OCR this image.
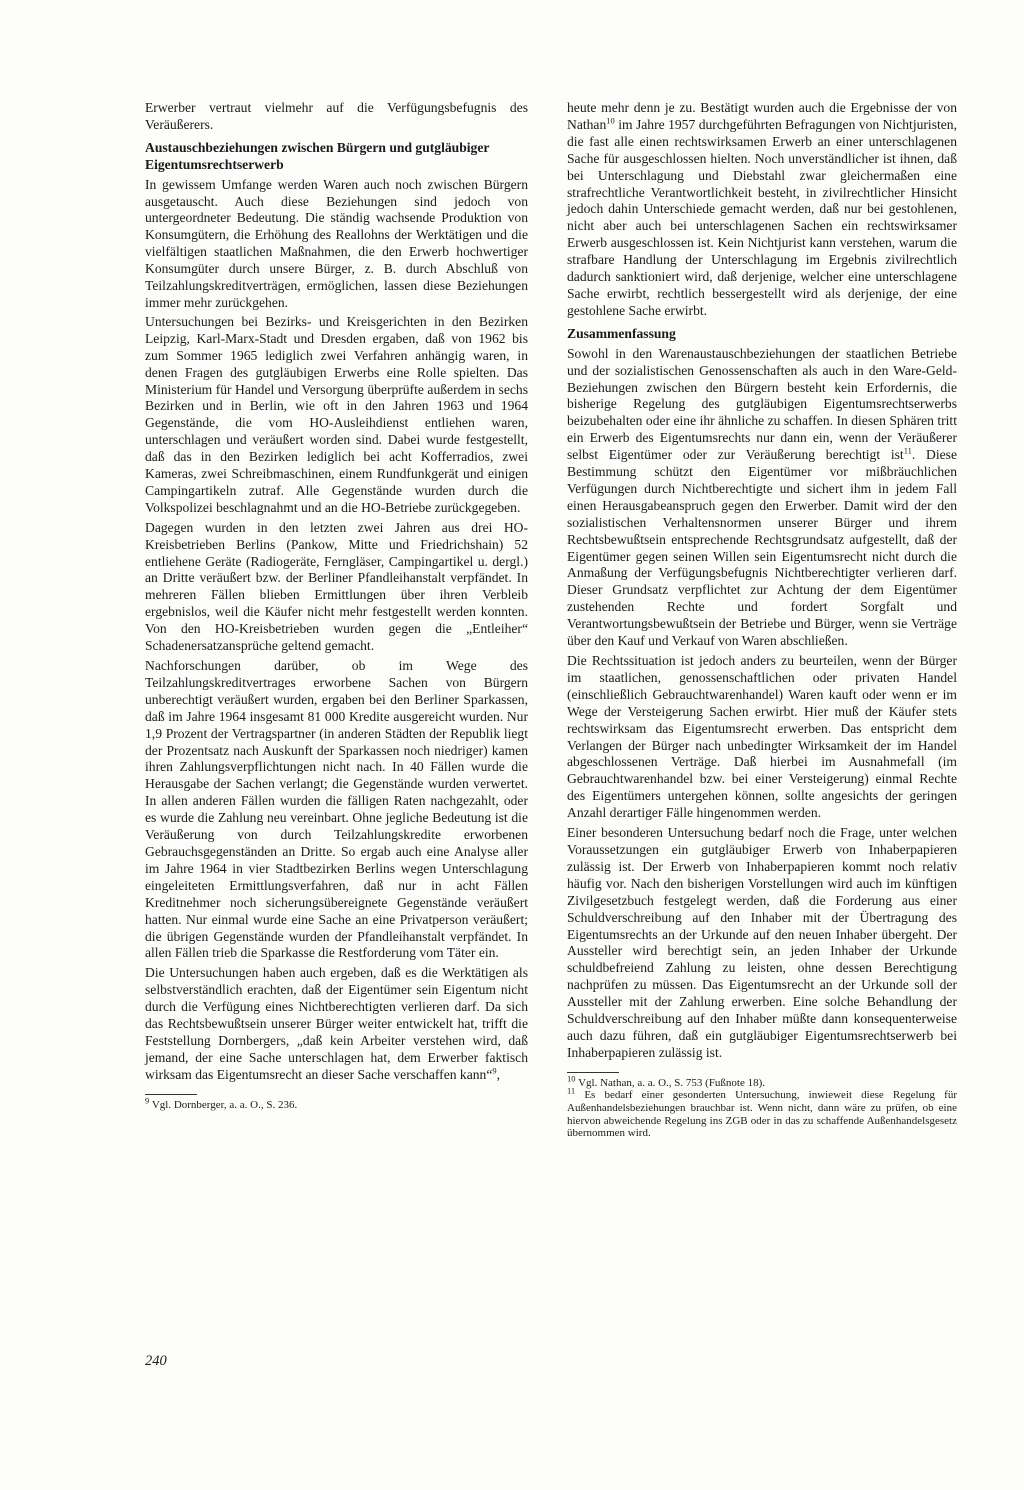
Erwerber vertraut vielmehr auf die Verfügungsbefugnis des Veräußerers.

Austauschbeziehungen zwischen Bürgern und gutgläubiger Eigentumsrechtserwerb

In gewissem Umfange werden Waren auch noch zwischen Bürgern ausgetauscht. Auch diese Beziehungen sind jedoch von untergeordneter Bedeutung. Die ständig wachsende Produktion von Konsumgütern, die Erhöhung des Reallohns der Werktätigen und die vielfältigen staatlichen Maßnahmen, die den Erwerb hochwertiger Konsumgüter durch unsere Bürger, z. B. durch Abschluß von Teilzahlungskreditverträgen, ermöglichen, lassen diese Beziehungen immer mehr zurückgehen.

Untersuchungen bei Bezirks- und Kreisgerichten in den Bezirken Leipzig, Karl-Marx-Stadt und Dresden ergaben, daß von 1962 bis zum Sommer 1965 lediglich zwei Verfahren anhängig waren, in denen Fragen des gutgläubigen Erwerbs eine Rolle spielten. Das Ministerium für Handel und Versorgung überprüfte außerdem in sechs Bezirken und in Berlin, wie oft in den Jahren 1963 und 1964 Gegenstände, die vom HO-Ausleihdienst entliehen waren, unterschlagen und veräußert worden sind. Dabei wurde festgestellt, daß das in den Bezirken lediglich bei acht Kofferradios, zwei Kameras, zwei Schreibmaschinen, einem Rundfunkgerät und einigen Campingartikeln zutraf. Alle Gegenstände wurden durch die Volkspolizei beschlagnahmt und an die HO-Betriebe zurückgegeben.

Dagegen wurden in den letzten zwei Jahren aus drei HO-Kreisbetrieben Berlins (Pankow, Mitte und Friedrichshain) 52 entliehene Geräte (Radiogeräte, Ferngläser, Campingartikel u. dergl.) an Dritte veräußert bzw. der Berliner Pfandleihanstalt verpfändet. In mehreren Fällen blieben Ermittlungen über ihren Verbleib ergebnislos, weil die Käufer nicht mehr festgestellt werden konnten. Von den HO-Kreisbetrieben wurden gegen die „Entleiher“ Schadenersatzansprüche geltend gemacht.

Nachforschungen darüber, ob im Wege des Teilzahlungskreditvertrages erworbene Sachen von Bürgern unberechtigt veräußert wurden, ergaben bei den Berliner Sparkassen, daß im Jahre 1964 insgesamt 81 000 Kredite ausgereicht wurden. Nur 1,9 Prozent der Vertragspartner (in anderen Städten der Republik liegt der Prozentsatz nach Auskunft der Sparkassen noch niedriger) kamen ihren Zahlungsverpflichtungen nicht nach. In 40 Fällen wurde die Herausgabe der Sachen verlangt; die Gegenstände wurden verwertet. In allen anderen Fällen wurden die fälligen Raten nachgezahlt, oder es wurde die Zahlung neu vereinbart. Ohne jegliche Bedeutung ist die Veräußerung von durch Teilzahlungskredite erworbenen Gebrauchsgegenständen an Dritte. So ergab auch eine Analyse aller im Jahre 1964 in vier Stadtbezirken Berlins wegen Unterschlagung eingeleiteten Ermittlungsverfahren, daß nur in acht Fällen Kreditnehmer noch sicherungsübereignete Gegenstände veräußert hatten. Nur einmal wurde eine Sache an eine Privatperson veräußert; die übrigen Gegenstände wurden der Pfandleihanstalt verpfändet. In allen Fällen trieb die Sparkasse die Restforderung vom Täter ein.

Die Untersuchungen haben auch ergeben, daß es die Werktätigen als selbstverständlich erachten, daß der Eigentümer sein Eigentum nicht durch die Verfügung eines Nichtberechtigten verlieren darf. Da sich das Rechtsbewußtsein unserer Bürger weiter entwickelt hat, trifft die Feststellung Dornbergers, „daß kein Arbeiter verstehen wird, daß jemand, der eine Sache unterschlagen hat, dem Erwerber faktisch wirksam das Eigentumsrecht an dieser Sache verschaffen kann“$^9$,

$^9$ Vgl. Dornberger, a. a. O., S. 236.

heute mehr denn je zu. Bestätigt wurden auch die Ergebnisse der von Nathan$^{10}$ im Jahre 1957 durchgeführten Befragungen von Nichtjuristen, die fast alle einen rechtswirksamen Erwerb an einer unterschlagenen Sache für ausgeschlossen hielten. Noch unverständlicher ist ihnen, daß bei Unterschlagung und Diebstahl zwar gleichermaßen eine strafrechtliche Verantwortlichkeit besteht, in zivilrechtlicher Hinsicht jedoch dahin Unterschiede gemacht werden, daß nur bei gestohlenen, nicht aber auch bei unterschlagenen Sachen ein rechtswirksamer Erwerb ausgeschlossen ist. Kein Nichtjurist kann verstehen, warum die strafbare Handlung der Unterschlagung im Ergebnis zivilrechtlich dadurch sanktioniert wird, daß derjenige, welcher eine unterschlagene Sache erwirbt, rechtlich bessergestellt wird als derjenige, der eine gestohlene Sache erwirbt.

Zusammenfassung

Sowohl in den Warenaustauschbeziehungen der staatlichen Betriebe und der sozialistischen Genossenschaften als auch in den Ware-Geld-Beziehungen zwischen den Bürgern besteht kein Erfordernis, die bisherige Regelung des gutgläubigen Eigentumsrechtserwerbs beizubehalten oder eine ihr ähnliche zu schaffen. In diesen Sphären tritt ein Erwerb des Eigentumsrechts nur dann ein, wenn der Veräußerer selbst Eigentümer oder zur Veräußerung berechtigt ist$^{11}$. Diese Bestimmung schützt den Eigentümer vor mißbräuchlichen Verfügungen durch Nichtberechtigte und sichert ihm in jedem Fall einen Herausgabeanspruch gegen den Erwerber. Damit wird der den sozialistischen Verhaltensnormen unserer Bürger und ihrem Rechtsbewußtsein entsprechende Rechtsgrundsatz aufgestellt, daß der Eigentümer gegen seinen Willen sein Eigentumsrecht nicht durch die Anmaßung der Verfügungsbefugnis Nichtberechtigter verlieren darf. Dieser Grundsatz verpflichtet zur Achtung der dem Eigentümer zustehenden Rechte und fordert Sorgfalt und Verantwortungsbewußtsein der Betriebe und Bürger, wenn sie Verträge über den Kauf und Verkauf von Waren abschließen.

Die Rechtssituation ist jedoch anders zu beurteilen, wenn der Bürger im staatlichen, genossenschaftlichen oder privaten Handel (einschließlich Gebrauchtwarenhandel) Waren kauft oder wenn er im Wege der Versteigerung Sachen erwirbt. Hier muß der Käufer stets rechtswirksam das Eigentumsrecht erwerben. Das entspricht dem Verlangen der Bürger nach unbedingter Wirksamkeit der im Handel abgeschlossenen Verträge. Daß hierbei im Ausnahmefall (im Gebrauchtwarenhandel bzw. bei einer Versteigerung) einmal Rechte des Eigentümers untergehen können, sollte angesichts der geringen Anzahl derartiger Fälle hingenommen werden.

Einer besonderen Untersuchung bedarf noch die Frage, unter welchen Voraussetzungen ein gutgläubiger Erwerb von Inhaberpapieren zulässig ist. Der Erwerb von Inhaberpapieren kommt noch relativ häufig vor. Nach den bisherigen Vorstellungen wird auch im künftigen Zivilgesetzbuch festgelegt werden, daß die Forderung aus einer Schuldverschreibung auf den Inhaber mit der Übertragung des Eigentumsrechts an der Urkunde auf den neuen Inhaber übergeht. Der Aussteller wird berechtigt sein, an jeden Inhaber der Urkunde schuldbefreiend Zahlung zu leisten, ohne dessen Berechtigung nachprüfen zu müssen. Das Eigentumsrecht an der Urkunde soll der Aussteller mit der Zahlung erwerben. Eine solche Behandlung der Schuldverschreibung auf den Inhaber müßte dann konsequenterweise auch dazu führen, daß ein gutgläubiger Eigentumsrechtserwerb bei Inhaberpapieren zulässig ist.

$^{10}$ Vgl. Nathan, a. a. O., S. 753 (Fußnote 18).
$^{11}$ Es bedarf einer gesonderten Untersuchung, inwieweit diese Regelung für Außenhandelsbeziehungen brauchbar ist. Wenn nicht, dann wäre zu prüfen, ob eine hiervon abweichende Regelung ins ZGB oder in das zu schaffende Außenhandelsgesetz übernommen wird.
240
